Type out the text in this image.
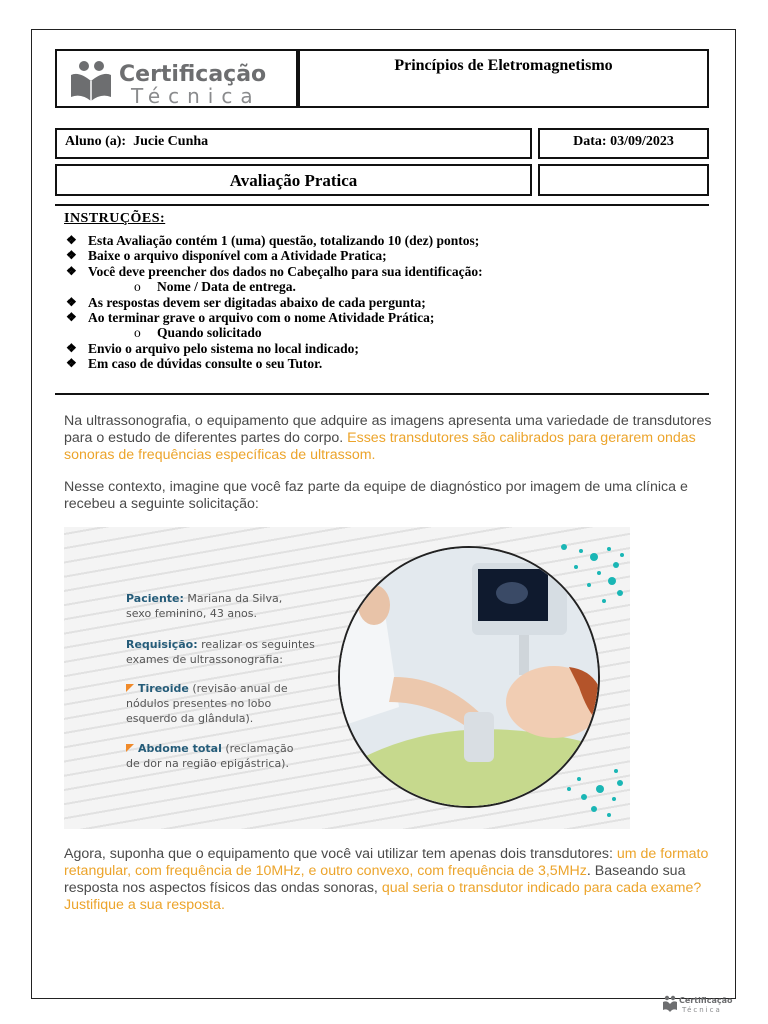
Certificação
Técnica
Princípios de Eletromagnetismo
Aluno (a): Jucie Cunha	Data: 03/09/2023
Avaliação Pratica
INSTRUÇÕES:
❖ Esta Avaliação contém 1 (uma) questão, totalizando 10 (dez) pontos;
❖ Baixe o arquivo disponível com a Atividade Pratica;
❖ Você deve preencher dos dados no Cabeçalho para sua identificação:
o Nome / Data de entrega.
❖ As respostas devem ser digitadas abaixo de cada pergunta;
❖ Ao terminar grave o arquivo com o nome Atividade Prática;
o Quando solicitado
❖ Envio o arquivo pelo sistema no local indicado;
❖ Em caso de dúvidas consulte o seu Tutor.
Na ultrassonografia, o equipamento que adquire as imagens apresenta uma variedade de transdutores para o estudo de diferentes partes do corpo. Esses transdutores são calibrados para gerarem ondas sonoras de frequências específicas de ultrassom.
Nesse contexto, imagine que você faz parte da equipe de diagnóstico por imagem de uma clínica e recebeu a seguinte solicitação:
Paciente: Mariana da Silva, sexo feminino, 43 anos.
Requisição: realizar os seguintes exames de ultrassonografia:
Tireoide (revisão anual de nódulos presentes no lobo esquerdo da glândula).
Abdome total (reclamação de dor na região epigástrica).
Agora, suponha que o equipamento que você vai utilizar tem apenas dois transdutores: um de formato retangular, com frequência de 10MHz, e outro convexo, com frequência de 3,5MHz. Baseando sua resposta nos aspectos físicos das ondas sonoras, qual seria o transdutor indicado para cada exame? Justifique a sua resposta.
Certificação
Técnica
